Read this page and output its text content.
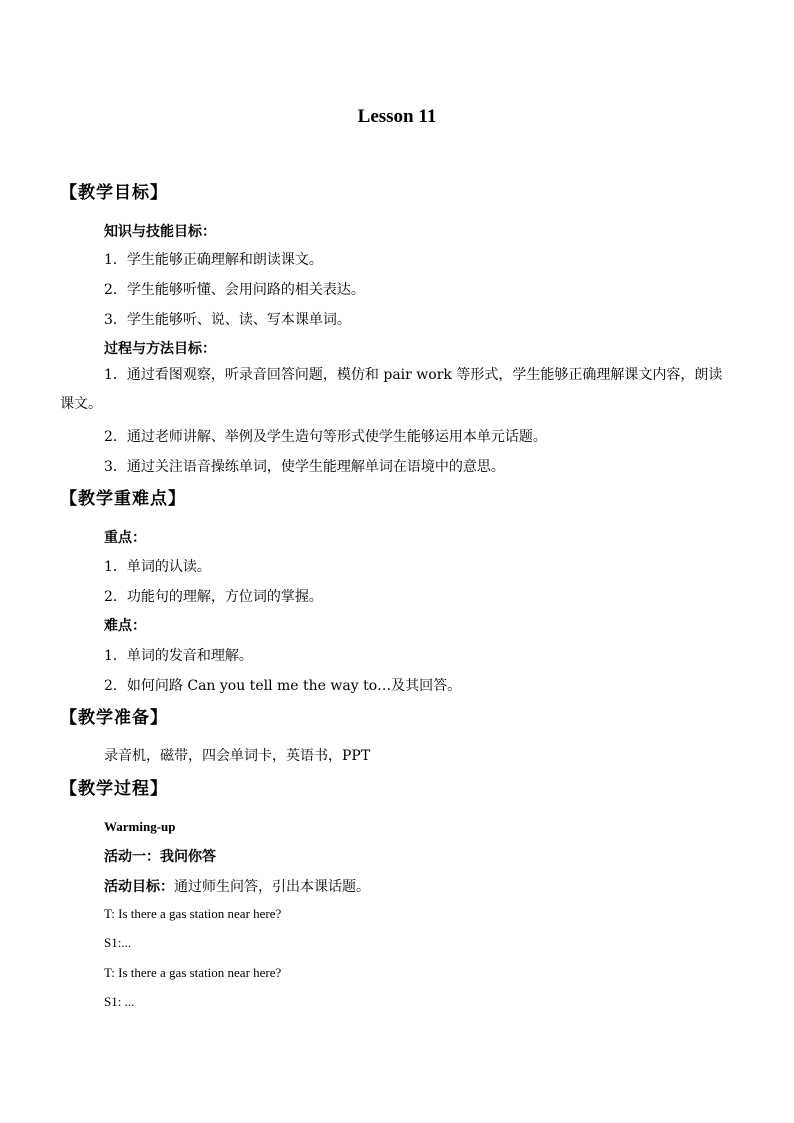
Lesson 11
【教学目标】
知识与技能目标：
1．学生能够正确理解和朗读课文。
2．学生能够听懂、会用问路的相关表达。
3．学生能够听、说、读、写本课单词。
过程与方法目标：
1．通过看图观察，听录音回答问题，模仿和 pair work 等形式，学生能够正确理解课文内容，朗读课文。
2．通过老师讲解、举例及学生造句等形式使学生能够运用本单元话题。
3．通过关注语音操练单词，使学生能理解单词在语境中的意思。
【教学重难点】
重点：
1．单词的认读。
2．功能句的理解，方位词的掌握。
难点：
1．单词的发音和理解。
2．如何问路 Can you tell me the way to…及其回答。
【教学准备】
录音机，磁带，四会单词卡，英语书，PPT
【教学过程】
Warming-up
活动一：我问你答
活动目标：通过师生问答，引出本课话题。
T: Is there a gas station near here?
S1:...
T: Is there a gas station near here?
S1: ...
